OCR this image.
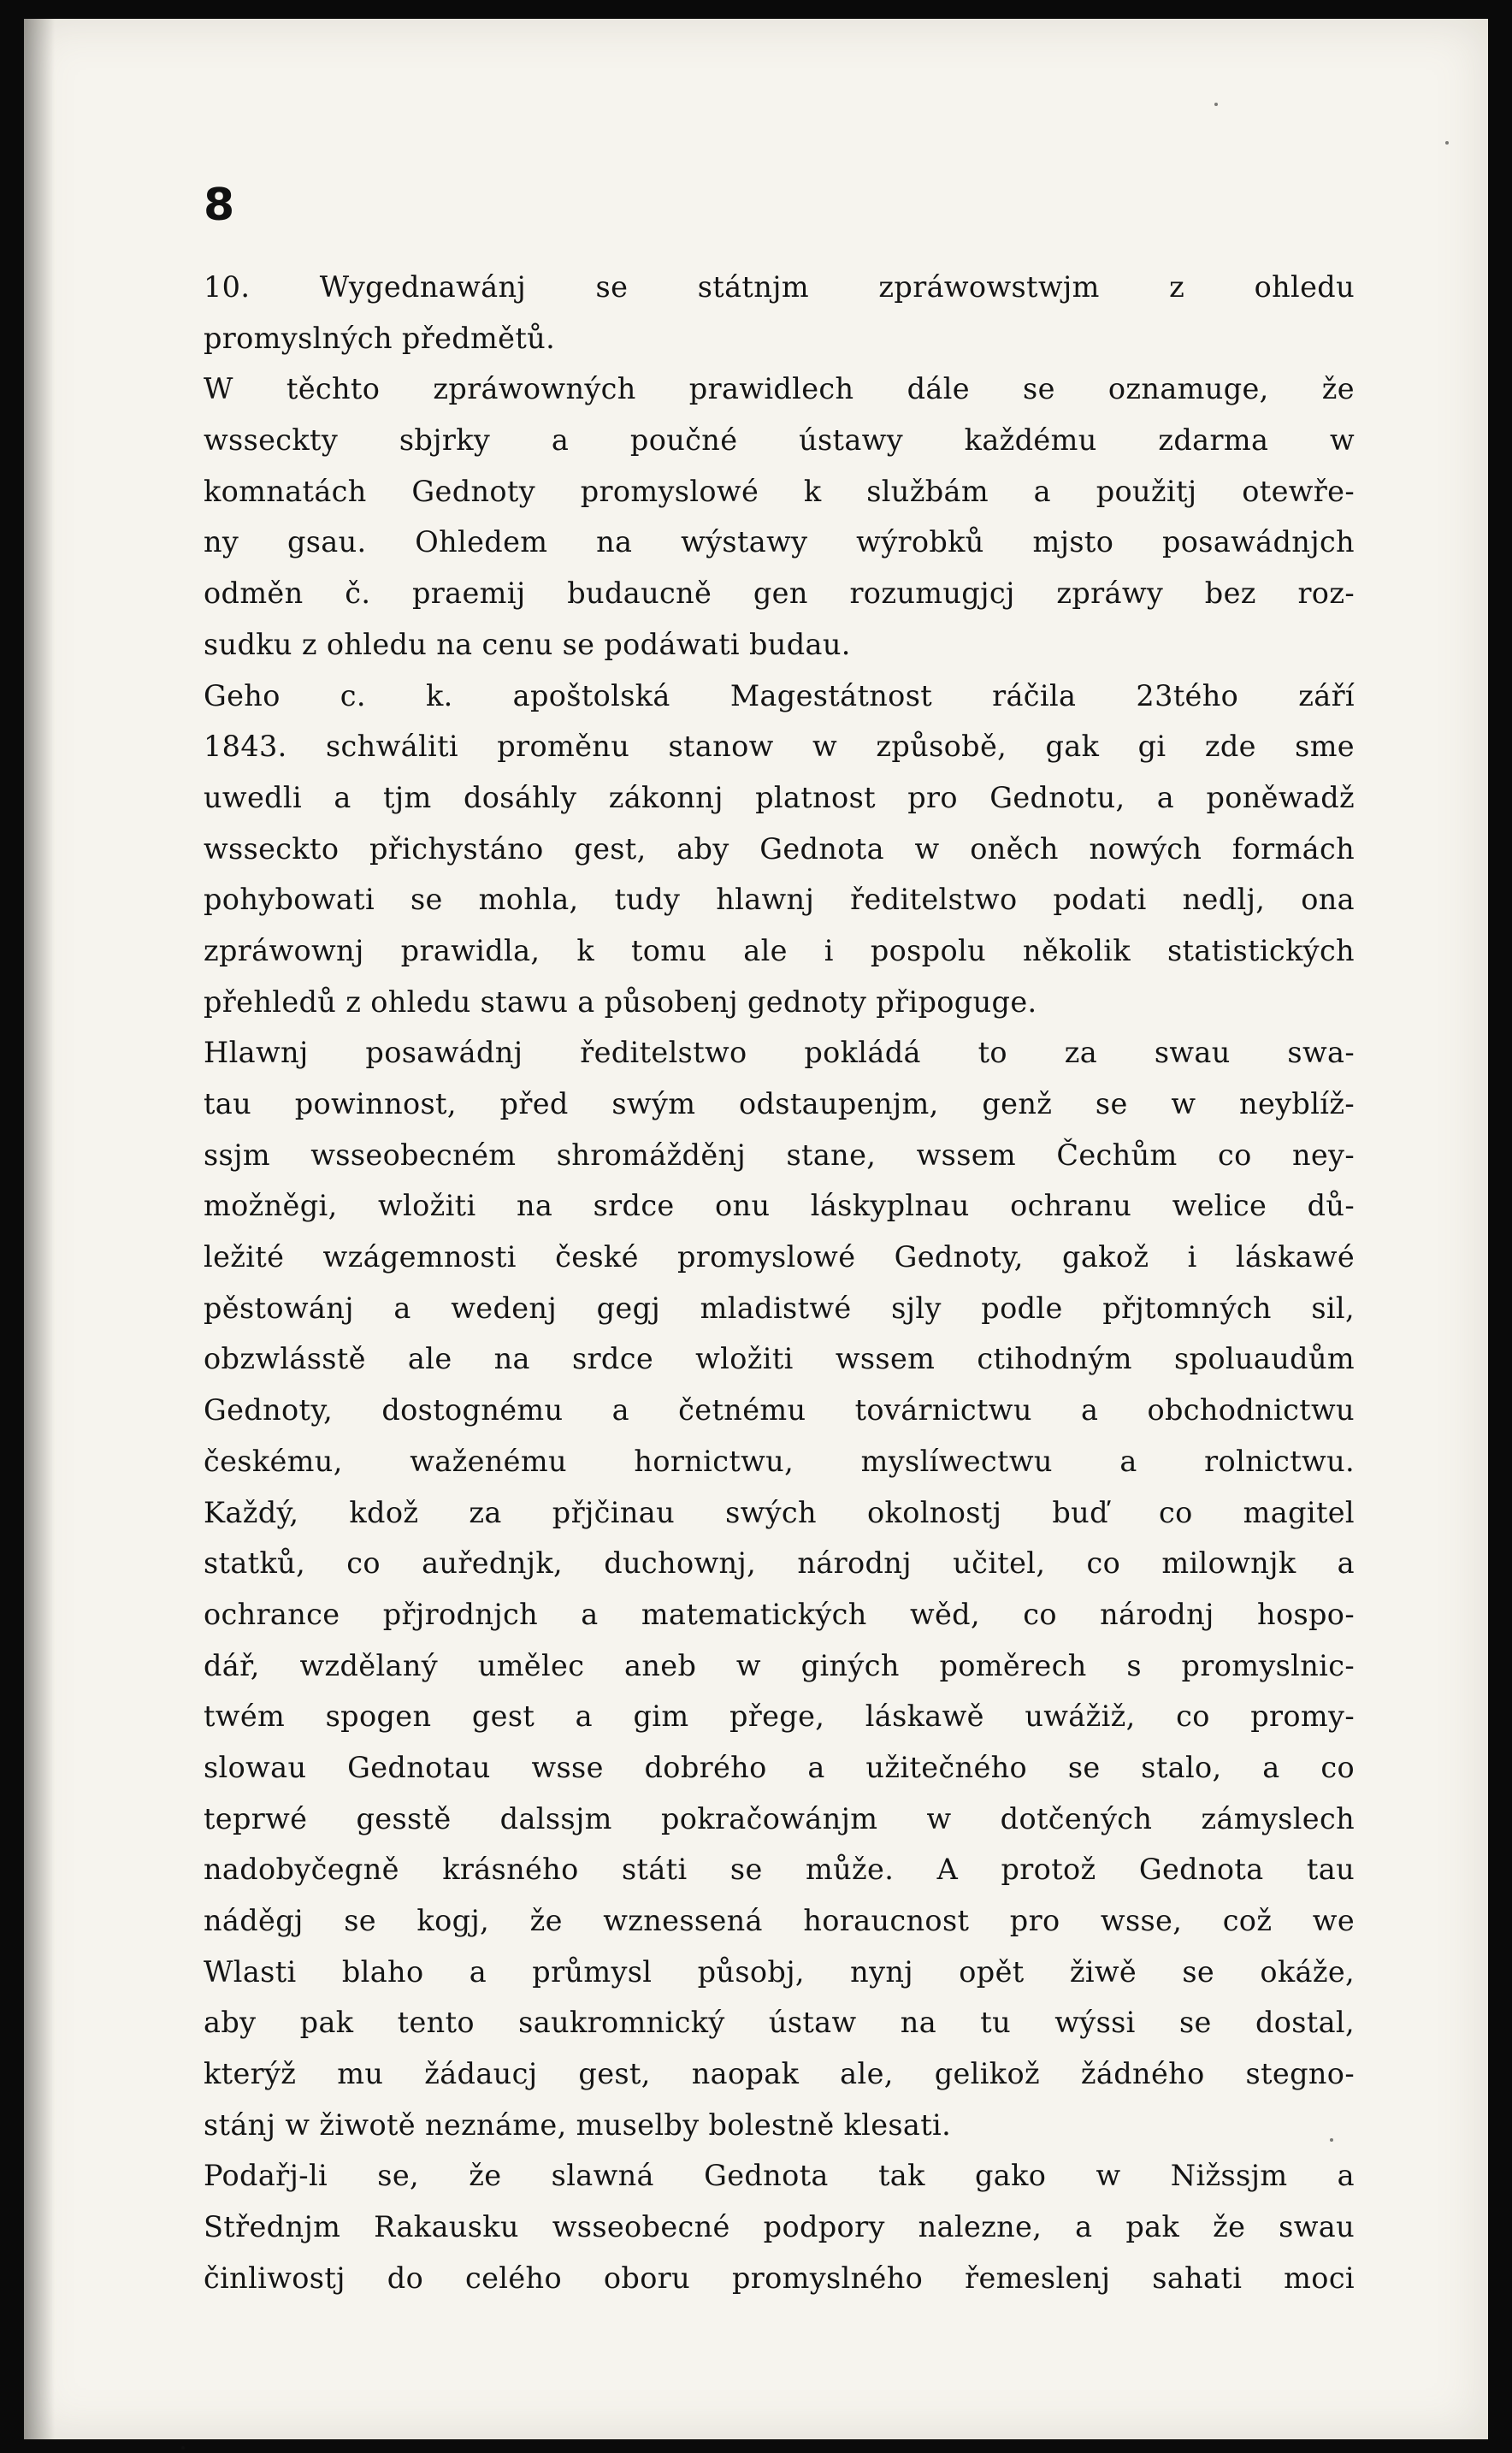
8
10. Wygednawánj se státnjm zpráwowstwjm z ohledu
promyslných předmětů.
W těchto zpráwowných prawidlech dále se oznamuge, že
wsseckty sbjrky a poučné ústawy každému zdarma w
komnatách Gednoty promyslowé k službám a použitj otewře-
ny gsau. Ohledem na wýstawy wýrobků mjsto posawádnjch
odměn č. praemij budaucně gen rozumugjcj zpráwy bez roz-
sudku z ohledu na cenu se podáwati budau.
Geho c. k. apoštolská Magestátnost ráčila 23tého září
1843. schwáliti proměnu stanow w způsobě, gak gi zde sme
uwedli a tjm dosáhly zákonnj platnost pro Gednotu, a poněwadž
wsseckto přichystáno gest, aby Gednota w oněch nowých formách
pohybowati se mohla, tudy hlawnj ředitelstwo podati nedlj, ona
zpráwownj prawidla, k tomu ale i pospolu několik statistických
přehledů z ohledu stawu a působenj gednoty připoguge.
Hlawnj posawádnj ředitelstwo pokládá to za swau swa-
tau powinnost, před swým odstaupenjm, genž se w neyblíž-
ssjm wsseobecném shromážděnj stane, wssem Čechům co ney-
možněgi, wložiti na srdce onu láskyplnau ochranu welice dů-
ležité wzágemnosti české promyslowé Gednoty, gakož i láskawé
pěstowánj a wedenj gegj mladistwé sjly podle přjtomných sil,
obzwlásstě ale na srdce wložiti wssem ctihodným spoluaudům
Gednoty, dostognému a četnému továrnictwu a obchodnictwu
českému, waženému hornictwu, myslíwectwu a rolnictwu.
Každý, kdož za přjčinau swých okolnostj buď co magitel
statků, co auřednjk, duchownj, národnj učitel, co milownjk a
ochrance přjrodnjch a matematických wěd, co národnj hospo-
dář, wzdělaný umělec aneb w giných poměrech s promyslnic-
twém spogen gest a gim přege, láskawě uwážiž, co promy-
slowau Gednotau wsse dobrého a užitečného se stalo, a co
teprwé gesstě dalssjm pokračowánjm w dotčených zámyslech
nadobyčegně krásného státi se může. A protož Gednota tau
náděgj se kogj, že wznessená horaucnost pro wsse, což we
Wlasti blaho a průmysl působj, nynj opět žiwě se okáže,
aby pak tento saukromnický ústaw na tu wýssi se dostal,
kterýž mu žádaucj gest, naopak ale, gelikož žádného stegno-
stánj w žiwotě neznáme, muselby bolestně klesati.
Podařj-li se, že slawná Gednota tak gako w Nižssjm a
Střednjm Rakausku wsseobecné podpory nalezne, a pak že swau
činliwostj do celého oboru promyslného řemeslenj sahati moci
